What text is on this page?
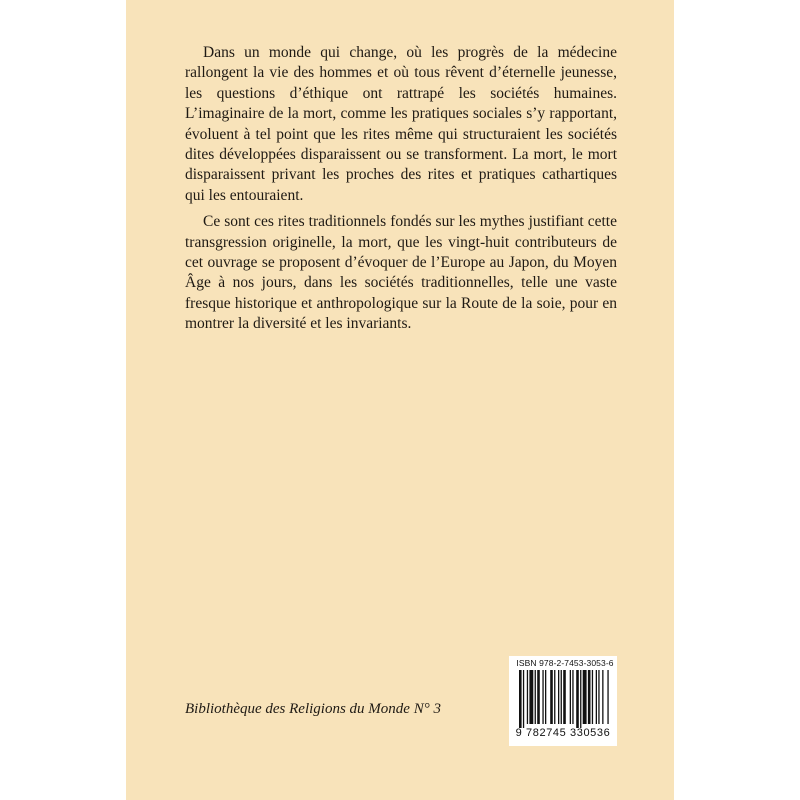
Dans un monde qui change, où les progrès de la médecine rallongent la vie des hommes et où tous rêvent d’éternelle jeunesse, les questions d’éthique ont rattrapé les sociétés humaines. L’imaginaire de la mort, comme les pratiques sociales s’y rapportant, évoluent à tel point que les rites même qui structuraient les sociétés dites développées disparaissent ou se transforment. La mort, le mort disparaissent privant les proches des rites et pratiques cathartiques qui les entouraient.

Ce sont ces rites traditionnels fondés sur les mythes justifiant cette transgression originelle, la mort, que les vingt-huit contributeurs de cet ouvrage se proposent d’évoquer de l’Europe au Japon, du Moyen Âge à nos jours, dans les sociétés traditionnelles, telle une vaste fresque historique et anthropologique sur la Route de la soie, pour en montrer la diversité et les invariants.

Bibliothèque des Religions du Monde N° 3
ISBN 978-2-7453-3053-6
9 782745 330536
